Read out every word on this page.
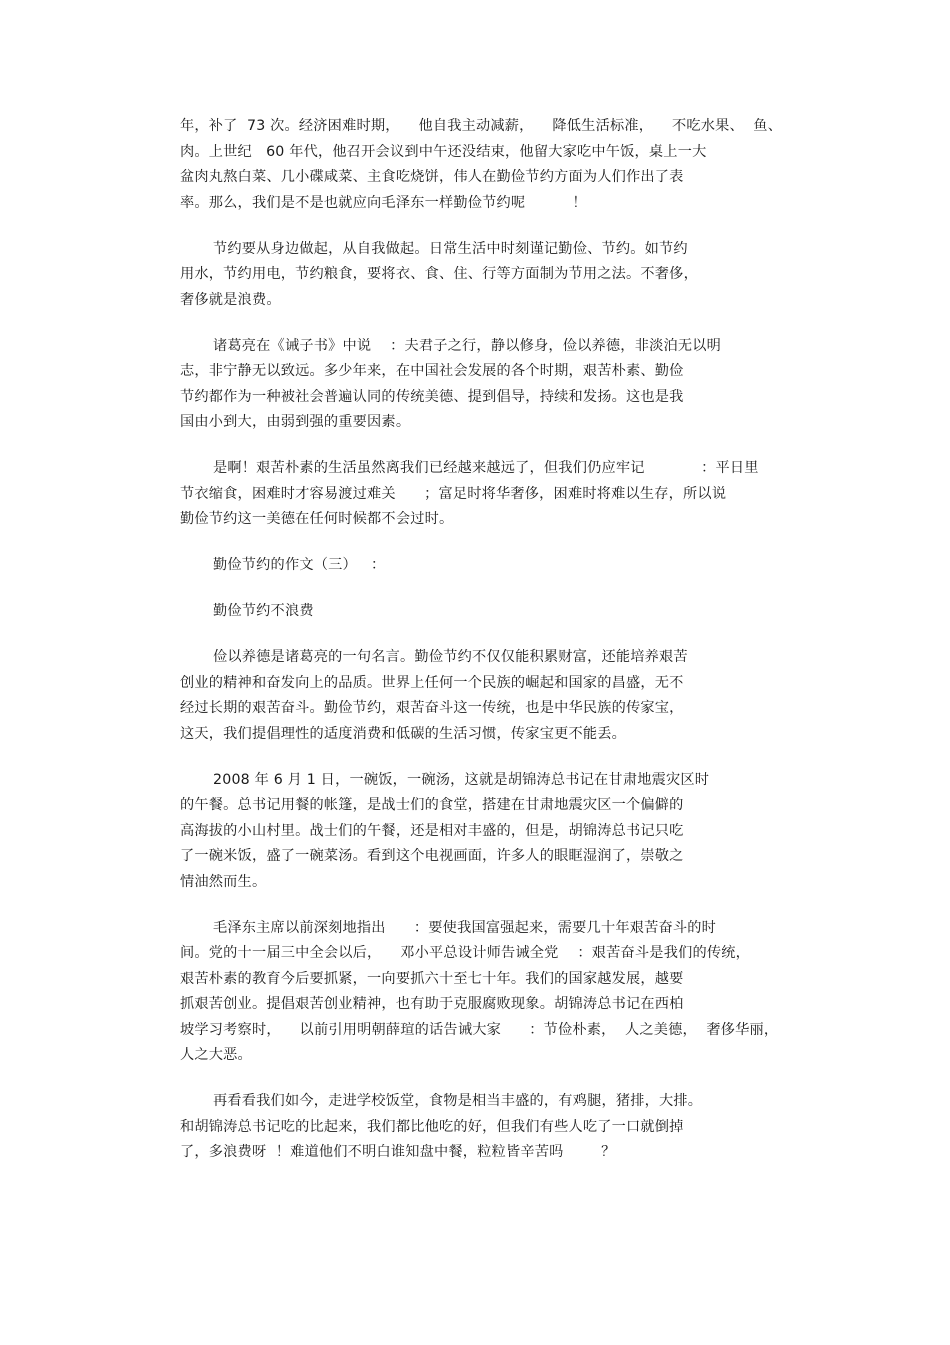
年，补了  73 次。经济困难时期，    他自我主动减薪，    降低生活标准，    不吃水果、  鱼、
肉。上世纪   60 年代，他召开会议到中午还没结束，他留大家吃中午饭，桌上一大
盆肉丸熬白菜、几小碟咸菜、主食吃烧饼，伟人在勤俭节约方面为人们作出了表
率。那么，我们是不是也就应向毛泽东一样勤俭节约呢          ！
节约要从身边做起，从自我做起。日常生活中时刻谨记勤俭、节约。如节约
用水，节约用电，节约粮食，要将衣、食、住、行等方面制为节用之法。不奢侈，
奢侈就是浪费。
诸葛亮在《诫子书》中说    ：夫君子之行，静以修身，俭以养德，非淡泊无以明
志，非宁静无以致远。多少年来，在中国社会发展的各个时期，艰苦朴素、勤俭
节约都作为一种被社会普遍认同的传统美德、提到倡导，持续和发扬。这也是我
国由小到大，由弱到强的重要因素。
是啊！艰苦朴素的生活虽然离我们已经越来越远了，但我们仍应牢记            ：平日里
节衣缩食，困难时才容易渡过难关      ；富足时将华奢侈，困难时将难以生存，所以说
勤俭节约这一美德在任何时候都不会过时。
勤俭节约的作文（三）   ：
勤俭节约不浪费
俭以养德是诸葛亮的一句名言。勤俭节约不仅仅能积累财富，还能培养艰苦
创业的精神和奋发向上的品质。世界上任何一个民族的崛起和国家的昌盛，无不
经过长期的艰苦奋斗。勤俭节约，艰苦奋斗这一传统，也是中华民族的传家宝，
这天，我们提倡理性的适度消费和低碳的生活习惯，传家宝更不能丢。
2008 年 6 月 1 日，一碗饭，一碗汤，这就是胡锦涛总书记在甘肃地震灾区时
的午餐。总书记用餐的帐篷，是战士们的食堂，搭建在甘肃地震灾区一个偏僻的
高海拔的小山村里。战士们的午餐，还是相对丰盛的，但是，胡锦涛总书记只吃
了一碗米饭，盛了一碗菜汤。看到这个电视画面，许多人的眼眶湿润了，崇敬之
情油然而生。
毛泽东主席以前深刻地指出      ：要使我国富强起来，需要几十年艰苦奋斗的时
间。党的十一届三中全会以后，    邓小平总设计师告诫全党    ：艰苦奋斗是我们的传统，
艰苦朴素的教育今后要抓紧，一向要抓六十至七十年。我们的国家越发展，越要
抓艰苦创业。提倡艰苦创业精神，也有助于克服腐败现象。胡锦涛总书记在西柏
坡学习考察时，    以前引用明朝薛瑄的话告诫大家      ：节俭朴素，  人之美德，  奢侈华丽，
人之大恶。
再看看我们如今，走进学校饭堂，食物是相当丰盛的，有鸡腿，猪排，大排。
和胡锦涛总书记吃的比起来，我们都比他吃的好，但我们有些人吃了一口就倒掉
了，多浪费呀  ！难道他们不明白谁知盘中餐，粒粒皆辛苦吗        ？
